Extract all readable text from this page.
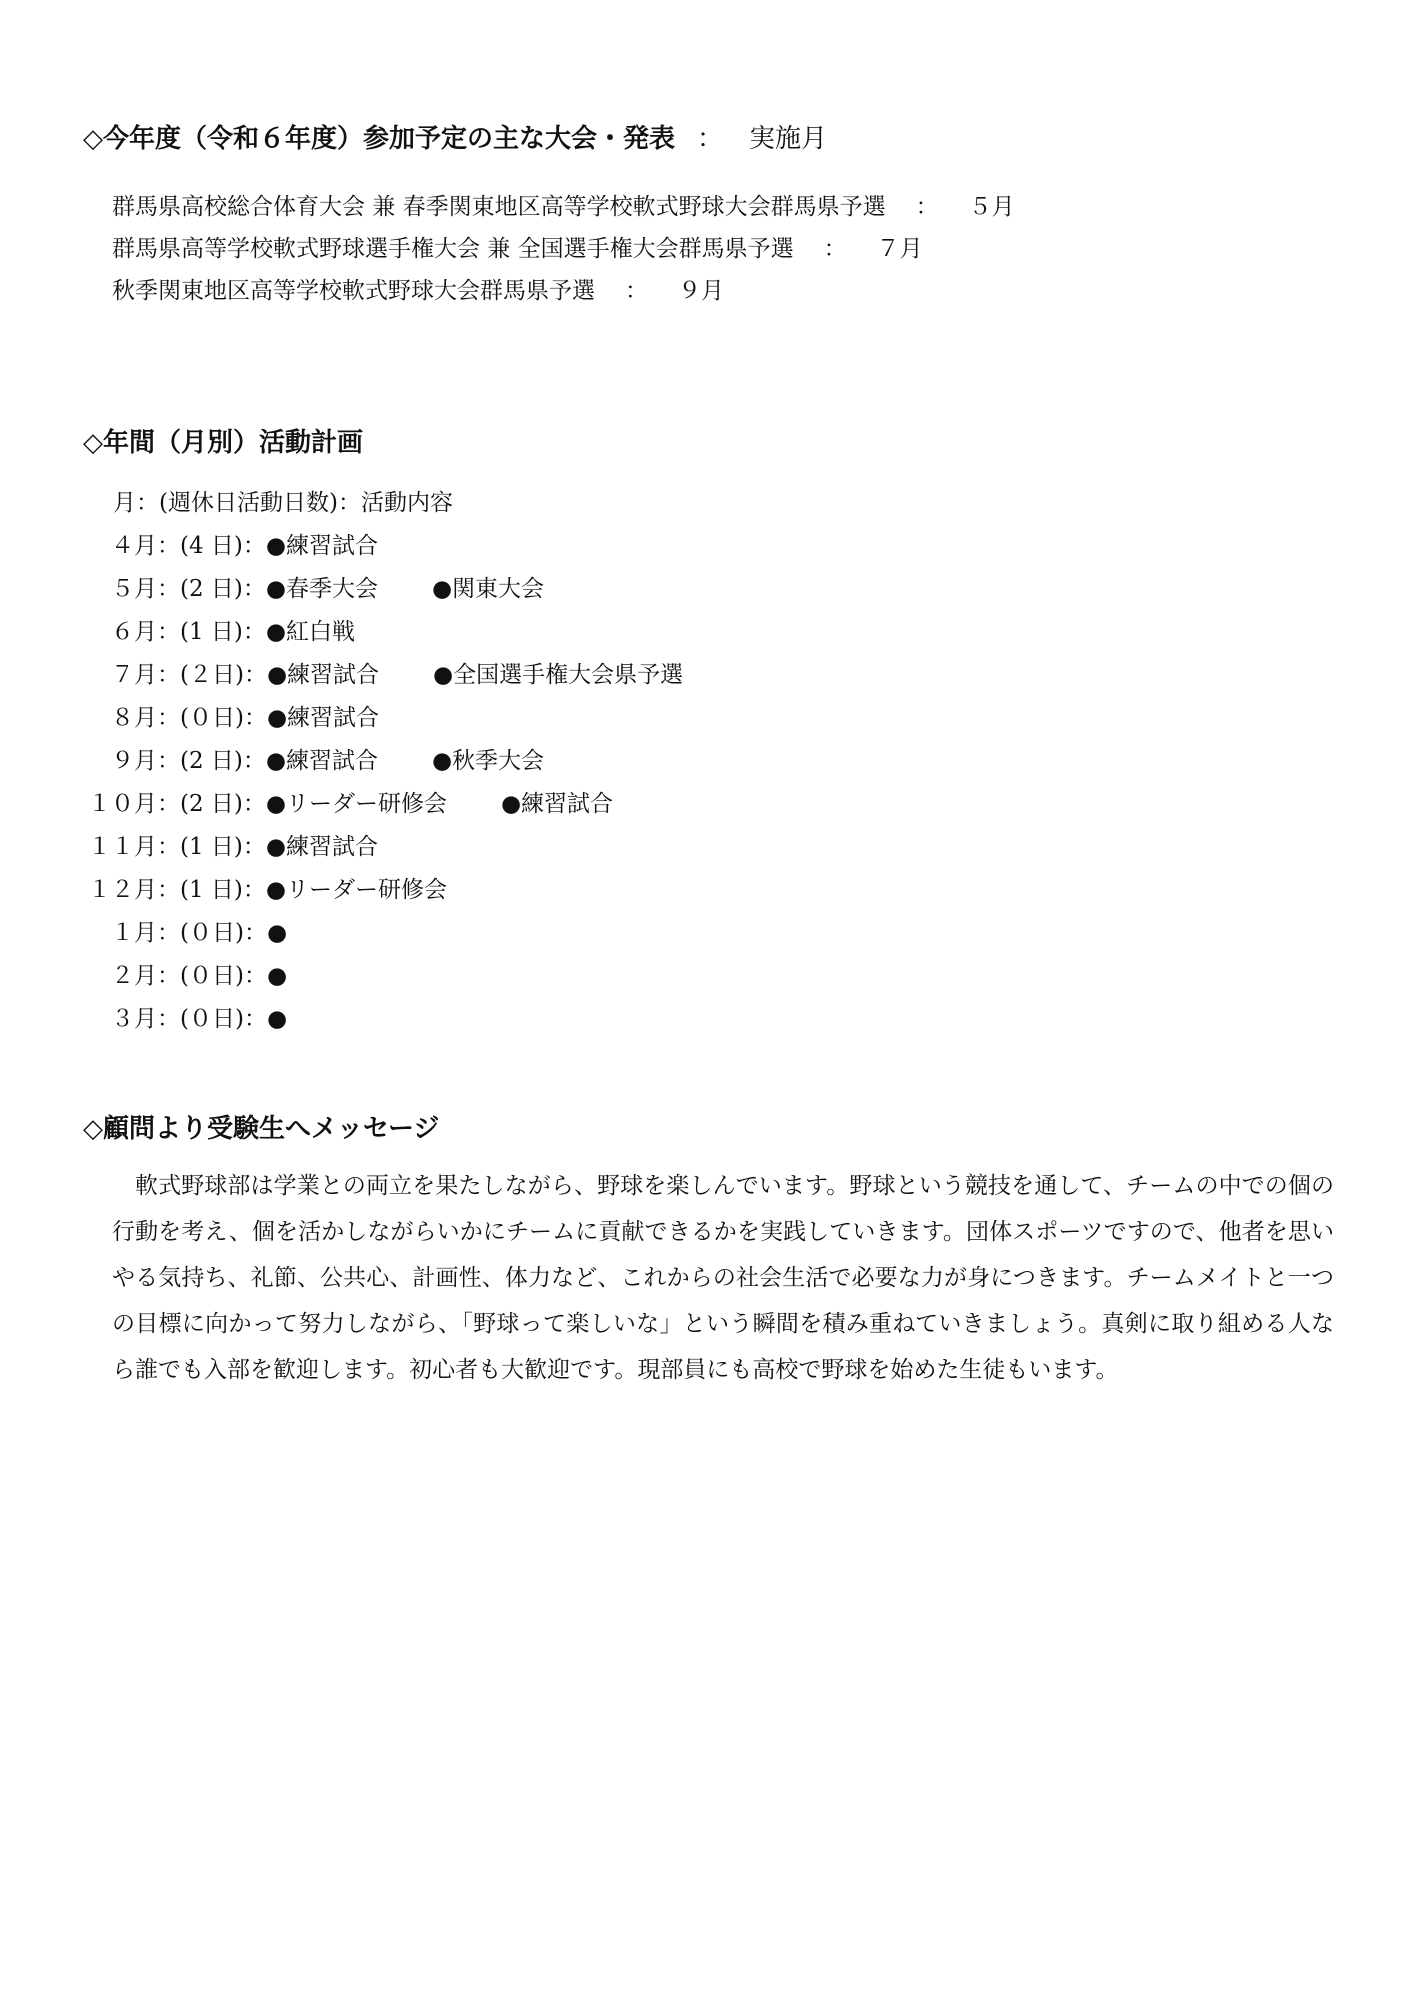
◇今年度（令和６年度）参加予定の主な大会・発表 ： 実施月
群馬県高校総合体育大会 兼 春季関東地区高等学校軟式野球大会群馬県予選 ： ５月
群馬県高等学校軟式野球選手権大会 兼 全国選手権大会群馬県予選 ： ７月
秋季関東地区高等学校軟式野球大会群馬県予選 ： ９月
◇年間（月別）活動計画
月：(週休日活動日数)：活動内容
４月：(4 日)：●練習試合
５月：(2 日)：●春季大会 ●関東大会
６月：(1 日)：●紅白戦
７月：(２日)：●練習試合 ●全国選手権大会県予選
８月：(０日)：●練習試合
９月：(2 日)：●練習試合 ●秋季大会
１０月：(2 日)：●リーダー研修会 ●練習試合
１１月：(1 日)：●練習試合
１２月：(1 日)：●リーダー研修会
１月：(０日)：●
２月：(０日)：●
３月：(０日)：●
◇顧問より受験生へメッセージ
軟式野球部は学業との両立を果たしながら、野球を楽しんでいます。野球という競技を通して、チームの中での個の行動を考え、個を活かしながらいかにチームに貢献できるかを実践していきます。団体スポーツですので、他者を思いやる気持ち、礼節、公共心、計画性、体力など、これからの社会生活で必要な力が身につきます。チームメイトと一つの目標に向かって努力しながら、「野球って楽しいな」という瞬間を積み重ねていきましょう。真剣に取り組める人なら誰でも入部を歓迎します。初心者も大歓迎です。現部員にも高校で野球を始めた生徒もいます。
